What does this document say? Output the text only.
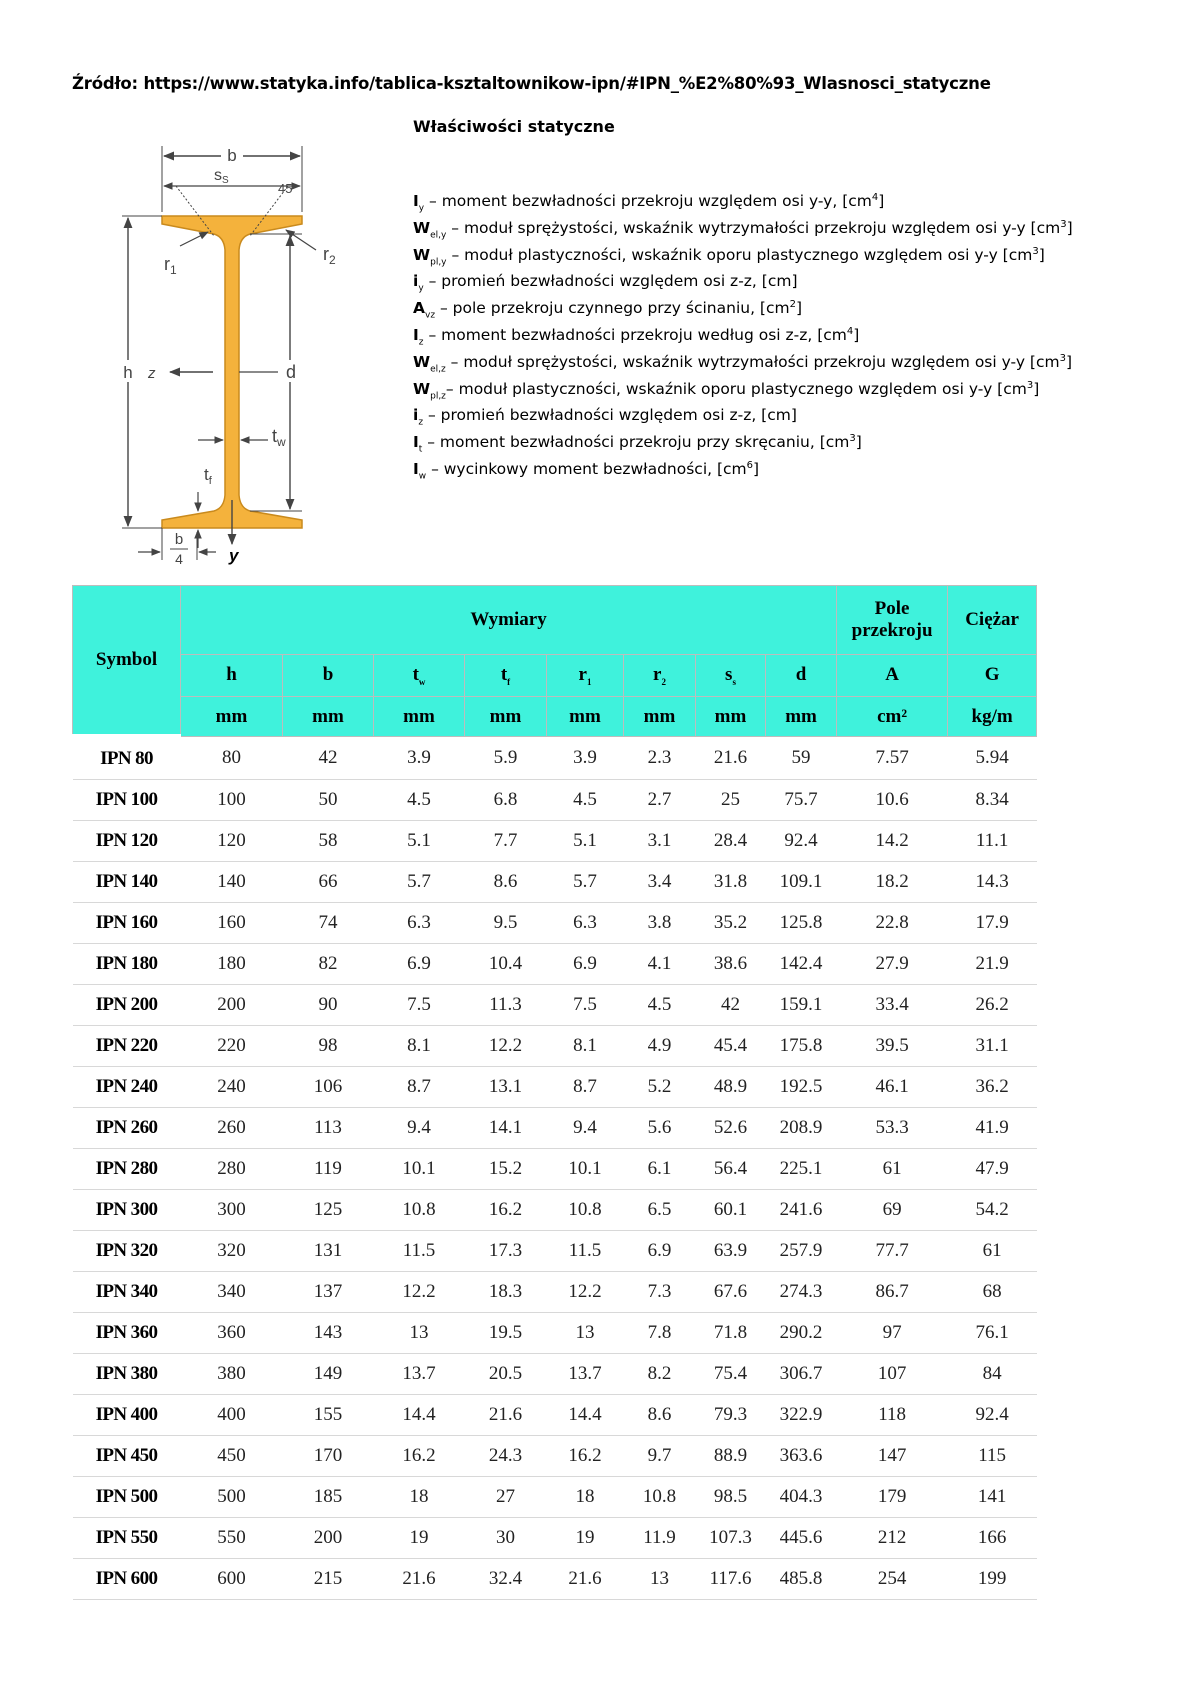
Źródło: https://www.statyka.info/tablica-ksztaltownikow-ipn/#IPN_%E2%80%93_Wlasnosci_statyczne
Właściwości statyczne
$I_y$ – moment bezwładności przekroju względem osi y-y, $[cm^4]$
$W_{el,y}$ – moduł sprężystości, wskaźnik wytrzymałości przekroju względem osi y-y $[cm^3]$
$W_{pl,y}$ – moduł plastyczności, wskaźnik oporu plastycznego względem osi y-y $[cm^3]$
$i_y$ – promień bezwładności względem osi z-z, [cm]
$A_{vz}$ – pole przekroju czynnego przy ścinaniu, $[cm^2]$
$I_z$ – moment bezwładności przekroju według osi z-z, $[cm^4]$
$W_{el,z}$ – moduł sprężystości, wskaźnik wytrzymałości przekroju względem osi y-y $[cm^3]$
$W_{pl,z}-$ moduł plastyczności, wskaźnik oporu plastycznego względem osi y-y $[cm^3]$
$i_z$ – promień bezwładności względem osi z-z, [cm]
$I_t$ – moment bezwładności przekroju przy skręcaniu, $[cm^3]$
$I_w$ – wycinkowy moment bezwładności, $[cm^6]$
b
sS
45°
$r_2$
$r_1$
h z	d
$t_w$
$t_f$
b
4	y
Symbol	Wymiary								Pole przekroju	Ciężar
	h	b	$t_w$	$t_f$	$r_1$	$r_2$	$s_s$	d	A	G
	mm	mm	mm	mm	mm	mm	mm	mm	cm²	kg/m
IPN 80	80	42	3.9	5.9	3.9	2.3	21.6	59	7.57	5.94
IPN 100	100	50	4.5	6.8	4.5	2.7	25	75.7	10.6	8.34
IPN 120	120	58	5.1	7.7	5.1	3.1	28.4	92.4	14.2	11.1
IPN 140	140	66	5.7	8.6	5.7	3.4	31.8	109.1	18.2	14.3
IPN 160	160	74	6.3	9.5	6.3	3.8	35.2	125.8	22.8	17.9
IPN 180	180	82	6.9	10.4	6.9	4.1	38.6	142.4	27.9	21.9
IPN 200	200	90	7.5	11.3	7.5	4.5	42	159.1	33.4	26.2
IPN 220	220	98	8.1	12.2	8.1	4.9	45.4	175.8	39.5	31.1
IPN 240	240	106	8.7	13.1	8.7	5.2	48.9	192.5	46.1	36.2
IPN 260	260	113	9.4	14.1	9.4	5.6	52.6	208.9	53.3	41.9
IPN 280	280	119	10.1	15.2	10.1	6.1	56.4	225.1	61	47.9
IPN 300	300	125	10.8	16.2	10.8	6.5	60.1	241.6	69	54.2
IPN 320	320	131	11.5	17.3	11.5	6.9	63.9	257.9	77.7	61
IPN 340	340	137	12.2	18.3	12.2	7.3	67.6	274.3	86.7	68
IPN 360	360	143	13	19.5	13	7.8	71.8	290.2	97	76.1
IPN 380	380	149	13.7	20.5	13.7	8.2	75.4	306.7	107	84
IPN 400	400	155	14.4	21.6	14.4	8.6	79.3	322.9	118	92.4
IPN 450	450	170	16.2	24.3	16.2	9.7	88.9	363.6	147	115
IPN 500	500	185	18	27	18	10.8	98.5	404.3	179	141
IPN 550	550	200	19	30	19	11.9	107.3	445.6	212	166
IPN 600	600	215	21.6	32.4	21.6	13	117.6	485.8	254	199
